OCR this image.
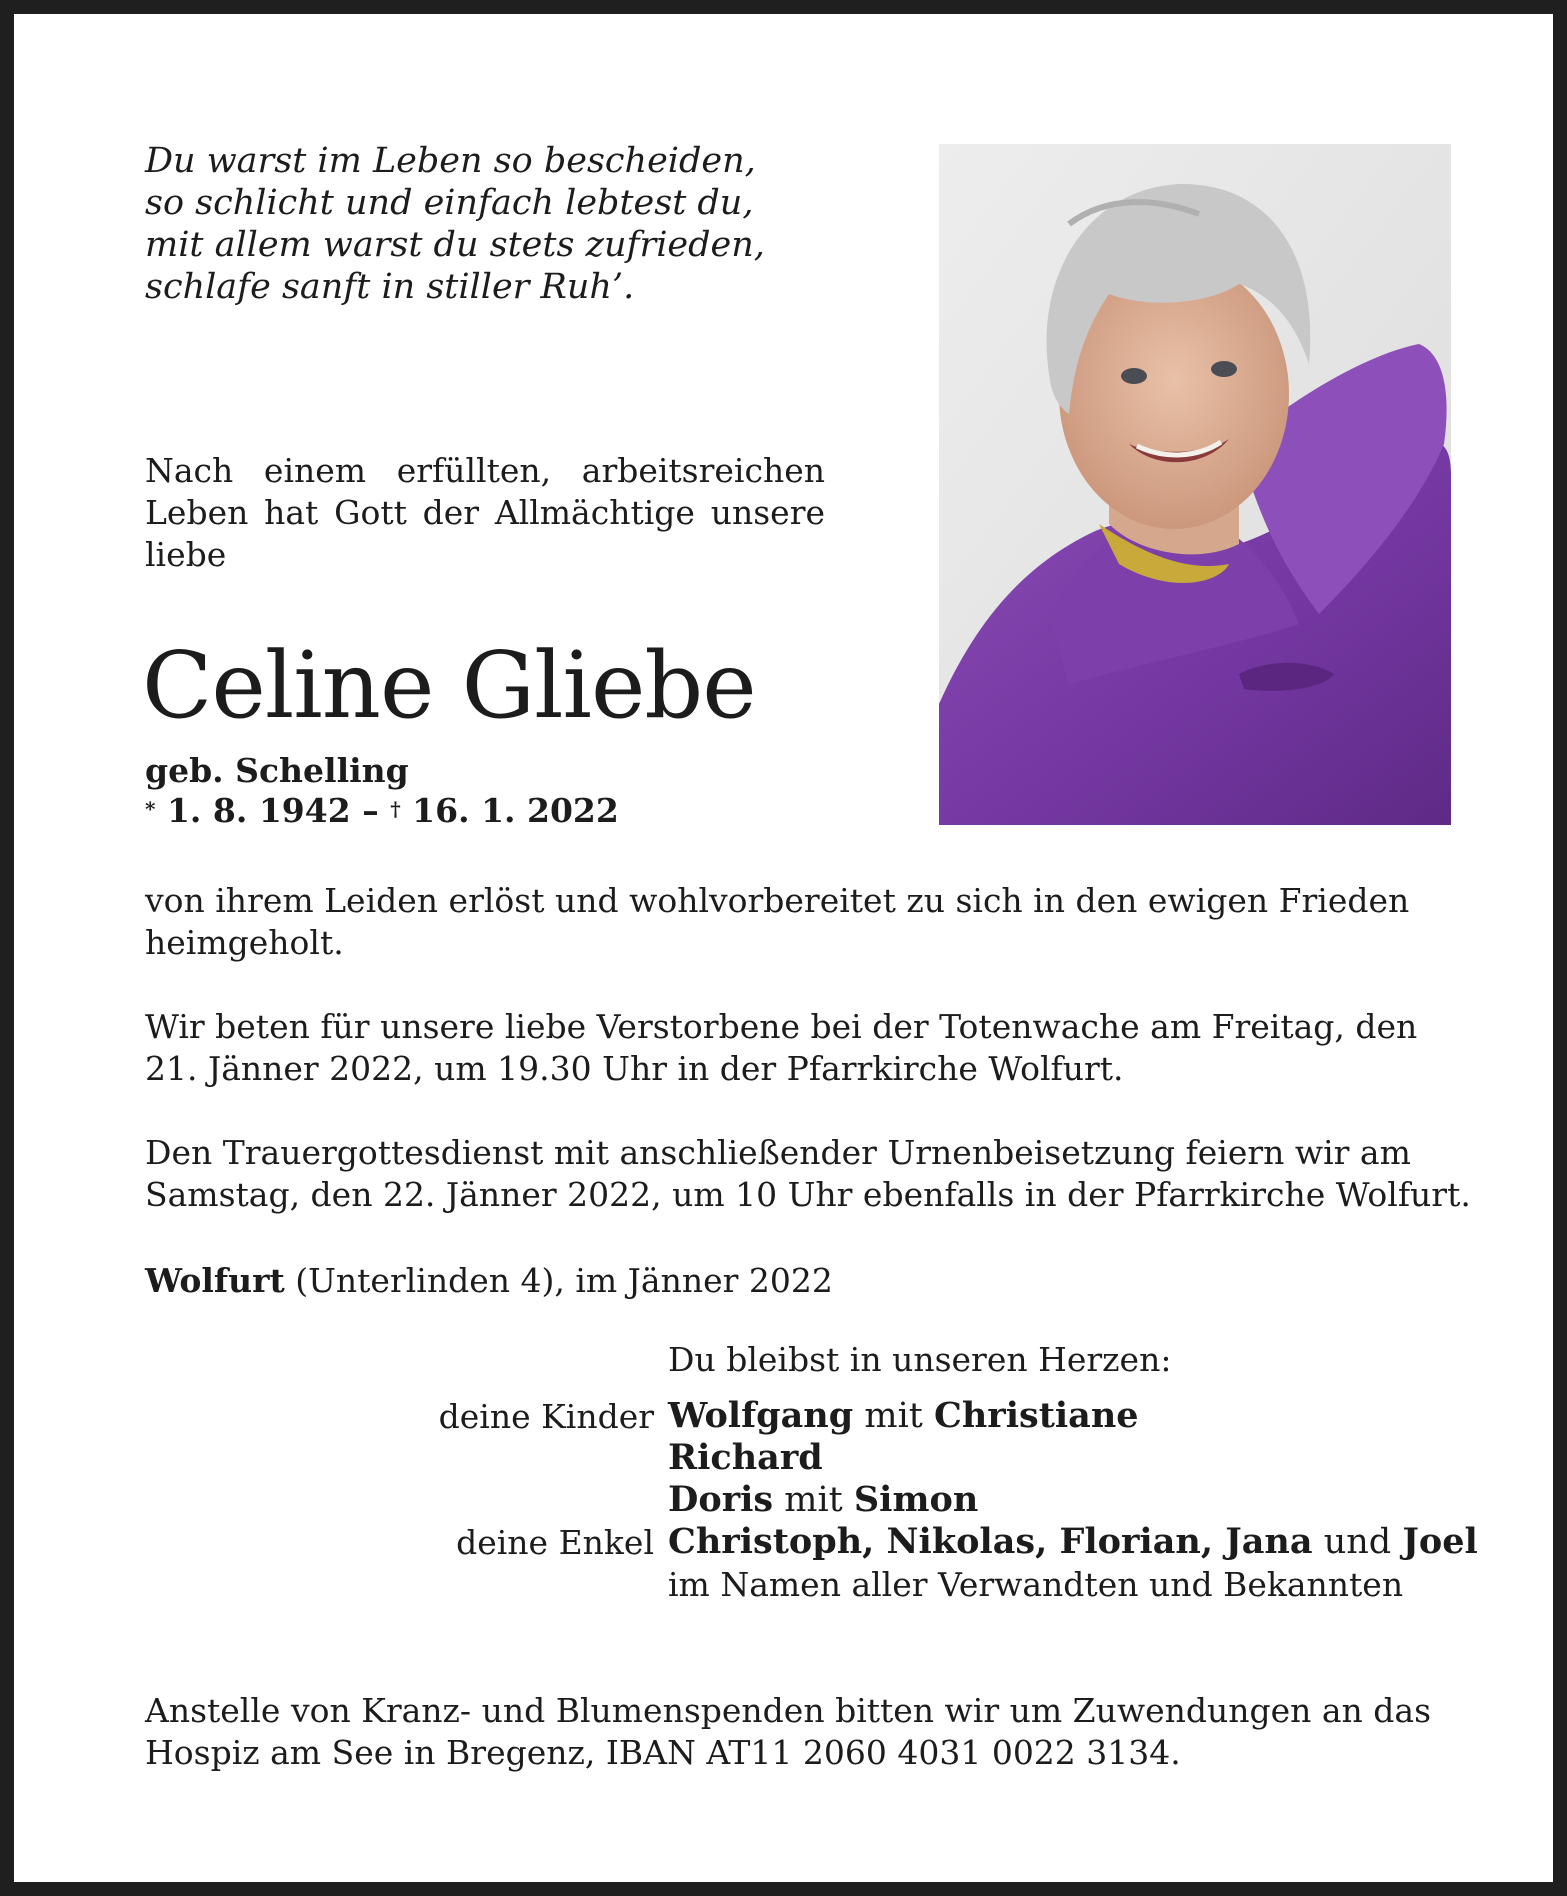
Du warst im Leben so bescheiden,
so schlicht und einfach lebtest du,
mit allem warst du stets zufrieden,
schlafe sanft in stiller Ruh’.
Nach einem erfüllten, arbeitsreichen
Leben hat Gott der Allmächtige unsere
liebe
Celine Gliebe
geb. Schelling
* 1. 8. 1942 – † 16. 1. 2022
von ihrem Leiden erlöst und wohlvorbereitet zu sich in den ewigen Frieden
heimgeholt.
Wir beten für unsere liebe Verstorbene bei der Totenwache am Freitag, den
21. Jänner 2022, um 19.30 Uhr in der Pfarrkirche Wolfurt.
Den Trauergottesdienst mit anschließender Urnenbeisetzung feiern wir am
Samstag, den 22. Jänner 2022, um 10 Uhr ebenfalls in der Pfarrkirche Wolfurt.
Wolfurt (Unterlinden 4), im Jänner 2022
Du bleibst in unseren Herzen:
deine Kinder Wolfgang mit Christiane
Richard
Doris mit Simon
deine Enkel Christoph, Nikolas, Florian, Jana und Joel
im Namen aller Verwandten und Bekannten
Anstelle von Kranz- und Blumenspenden bitten wir um Zuwendungen an das
Hospiz am See in Bregenz, IBAN AT11 2060 4031 0022 3134.
